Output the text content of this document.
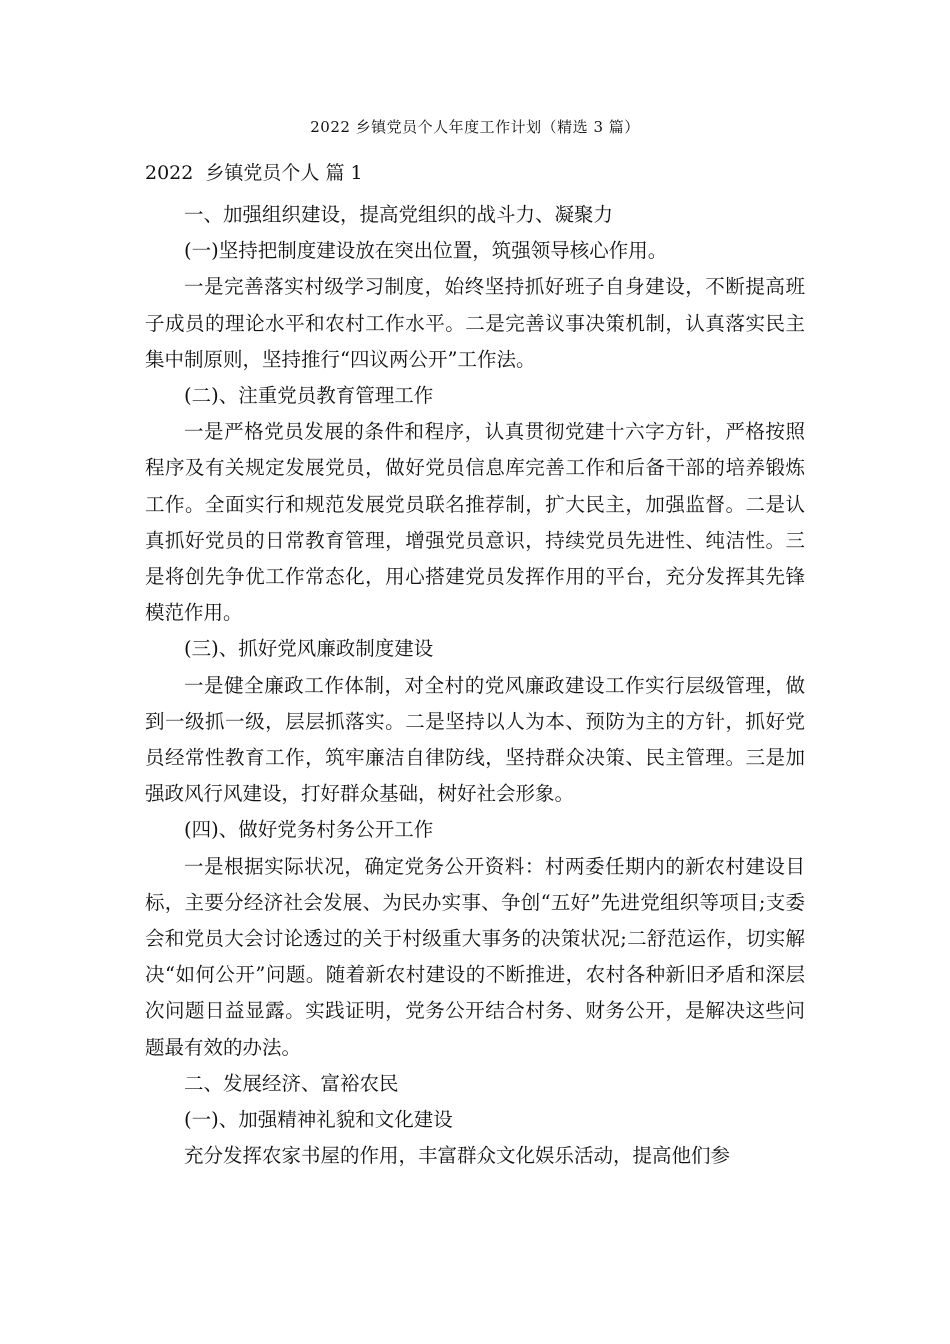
2022 乡镇党员个人年度工作计划（精选 3 篇）
2022  乡镇党员个人 篇 1

一、加强组织建设，提高党组织的战斗力、凝聚力

(一)坚持把制度建设放在突出位置，筑强领导核心作用。

一是完善落实村级学习制度，始终坚持抓好班子自身建设，不断提高班子成员的理论水平和农村工作水平。二是完善议事决策机制，认真落实民主集中制原则，坚持推行“四议两公开”工作法。

(二)、注重党员教育管理工作

一是严格党员发展的条件和程序，认真贯彻党建十六字方针，严格按照程序及有关规定发展党员，做好党员信息库完善工作和后备干部的培养锻炼工作。全面实行和规范发展党员联名推荐制，扩大民主，加强监督。二是认真抓好党员的日常教育管理，增强党员意识，持续党员先进性、纯洁性。三是将创先争优工作常态化，用心搭建党员发挥作用的平台，充分发挥其先锋模范作用。

(三)、抓好党风廉政制度建设

一是健全廉政工作体制，对全村的党风廉政建设工作实行层级管理，做到一级抓一级，层层抓落实。二是坚持以人为本、预防为主的方针，抓好党员经常性教育工作，筑牢廉洁自律防线，坚持群众决策、民主管理。三是加强政风行风建设，打好群众基础，树好社会形象。

(四)、做好党务村务公开工作

一是根据实际状况，确定党务公开资料：村两委任期内的新农村建设目标，主要分经济社会发展、为民办实事、争创“五好”先进党组织等项目;支委会和党员大会讨论透过的关于村级重大事务的决策状况;二舒范运作，切实解决“如何公开”问题。随着新农村建设的不断推进，农村各种新旧矛盾和深层次问题日益显露。实践证明，党务公开结合村务、财务公开，是解决这些问题最有效的办法。

二、发展经济、富裕农民

(一)、加强精神礼貌和文化建设

充分发挥农家书屋的作用，丰富群众文化娱乐活动，提高他们参
